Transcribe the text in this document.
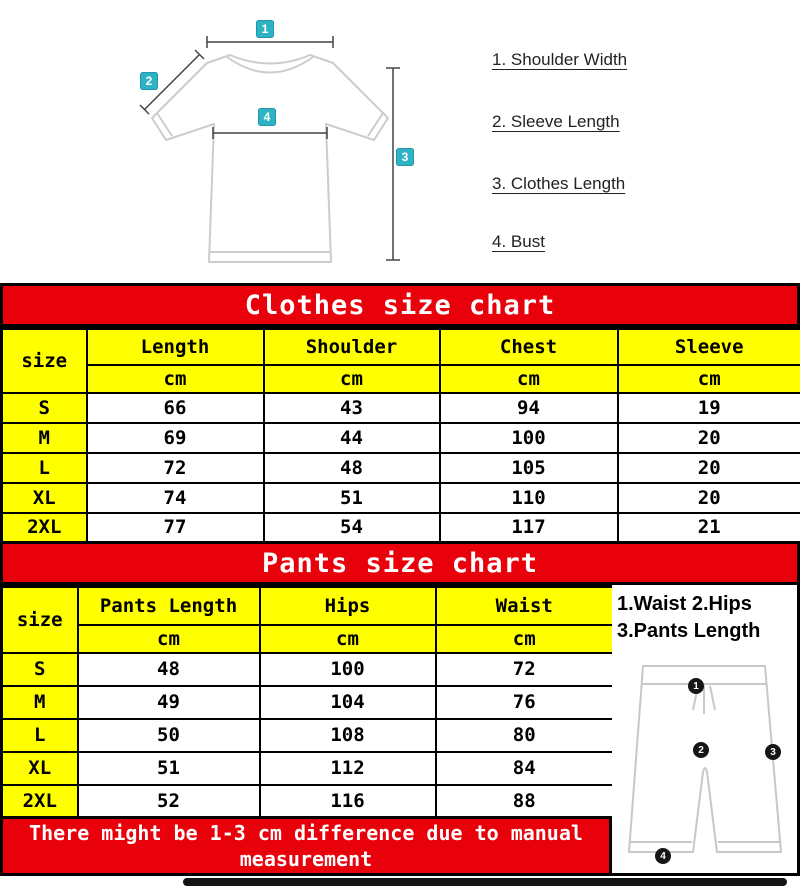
1
2
3
4
1. Shoulder Width
2. Sleeve Length
3. Clothes Length
4. Bust
Clothes size chart
size	Length	Shoulder	Chest	Sleeve
	cm	cm	cm	cm
S	66	43	94	19
M	69	44	100	20
L	72	48	105	20
XL	74	51	110	20
2XL	77	54	117	21
Pants size chart
size	Pants Length	Hips	Waist
	cm	cm	cm
S	48	100	72
M	49	104	76
L	50	108	80
XL	51	112	84
2XL	52	116	88
1.Waist 2.Hips
3.Pants Length
1
2	3
4
There might be 1-3 cm difference due to manual
measurement
